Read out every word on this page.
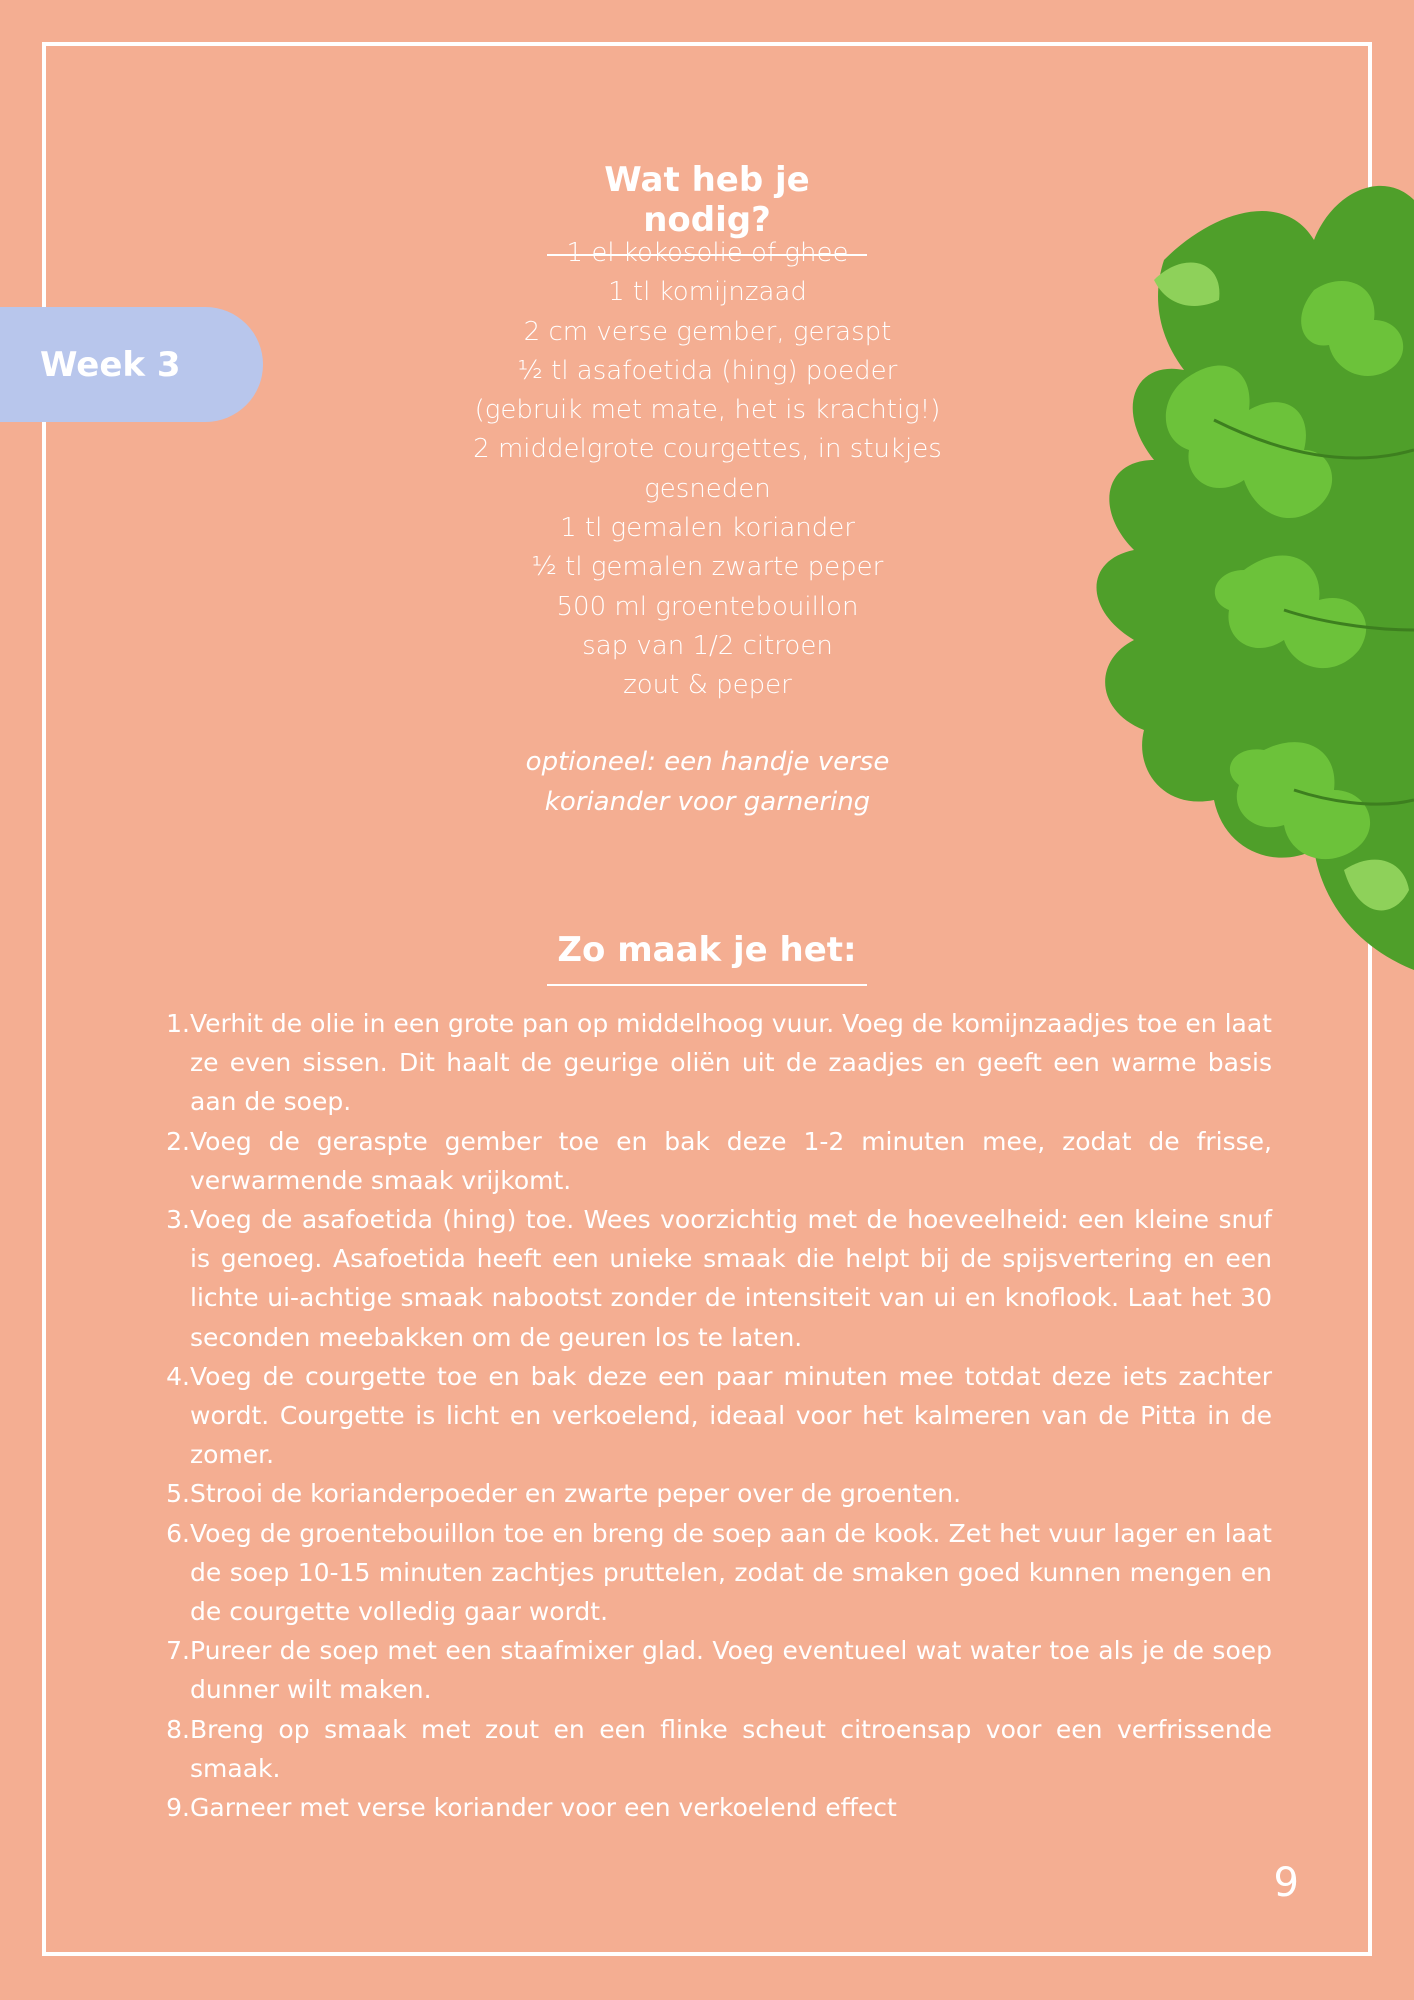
Week 3
Wat heb je nodig?
1 el kokosolie of ghee
1 tl komijnzaad
2 cm verse gember, geraspt
½ tl asafoetida (hing) poeder
(gebruik met mate, het is krachtig!)
2 middelgrote courgettes, in stukjes
gesneden
1 tl gemalen koriander
½ tl gemalen zwarte peper
500 ml groentebouillon
sap van 1/2 citroen
zout & peper
optioneel: een handje verse
koriander voor garnering
Zo maak je het:
1. Verhit de olie in een grote pan op middelhoog vuur. Voeg de komijnzaadjes toe en laat ze even sissen. Dit haalt de geurige oliën uit de zaadjes en geeft een warme basis aan de soep.
2. Voeg de geraspte gember toe en bak deze 1-2 minuten mee, zodat de frisse, verwarmende smaak vrijkomt.
3. Voeg de asafoetida (hing) toe. Wees voorzichtig met de hoeveelheid: een kleine snuf is genoeg. Asafoetida heeft een unieke smaak die helpt bij de spijsvertering en een lichte ui-achtige smaak nabootst zonder de intensiteit van ui en knoflook. Laat het 30 seconden meebakken om de geuren los te laten.
4. Voeg de courgette toe en bak deze een paar minuten mee totdat deze iets zachter wordt. Courgette is licht en verkoelend, ideaal voor het kalmeren van de Pitta in de zomer.
5. Strooi de korianderpoeder en zwarte peper over de groenten.
6. Voeg de groentebouillon toe en breng de soep aan de kook. Zet het vuur lager en laat de soep 10-15 minuten zachtjes pruttelen, zodat de smaken goed kunnen mengen en de courgette volledig gaar wordt.
7. Pureer de soep met een staafmixer glad. Voeg eventueel wat water toe als je de soep dunner wilt maken.
8. Breng op smaak met zout en een flinke scheut citroensap voor een verfrissende smaak.
9. Garneer met verse koriander voor een verkoelend effect
9
